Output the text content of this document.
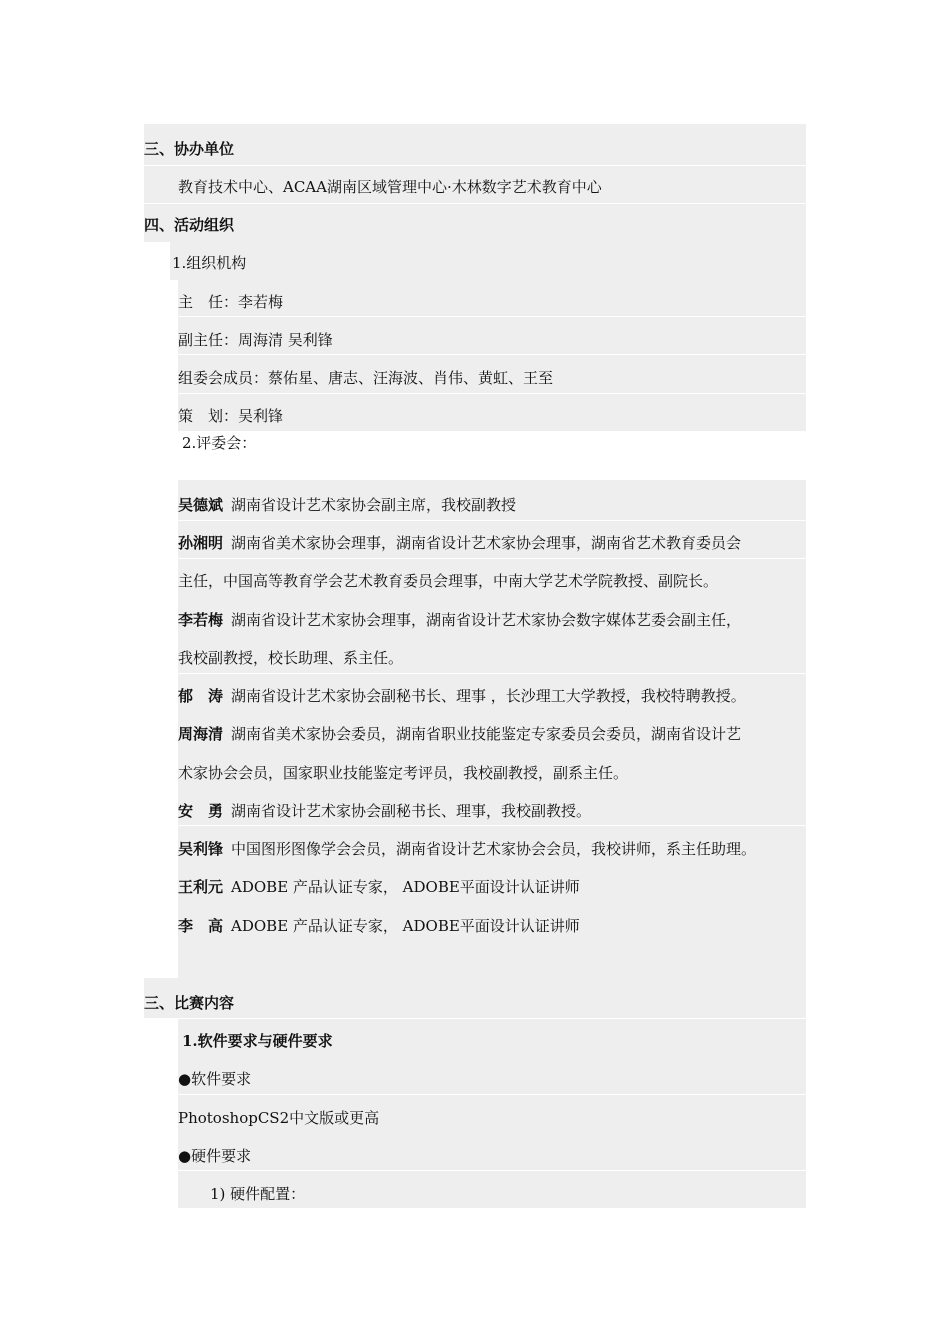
三、协办单位
教育技术中心、ACAA湖南区域管理中心·木林数字艺术教育中心
四、活动组织
1.组织机构
主　任：李若梅
副主任：周海清 吴利锋
组委会成员：蔡佑星、唐志、汪海波、肖伟、黄虹、王至
策　划：吴利锋
2.评委会：
吴德斌 湖南省设计艺术家协会副主席，我校副教授
孙湘明 湖南省美术家协会理事，湖南省设计艺术家协会理事，湖南省艺术教育委员会
主任，中国高等教育学会艺术教育委员会理事，中南大学艺术学院教授、副院长。
李若梅 湖南省设计艺术家协会理事，湖南省设计艺术家协会数字媒体艺委会副主任，
我校副教授，校长助理、系主任。
郁　涛 湖南省设计艺术家协会副秘书长、理事 ，长沙理工大学教授，我校特聘教授。
周海清 湖南省美术家协会委员，湖南省职业技能鉴定专家委员会委员，湖南省设计艺
术家协会会员，国家职业技能鉴定考评员，我校副教授，副系主任。
安　勇 湖南省设计艺术家协会副秘书长、理事，我校副教授。
吴利锋 中国图形图像学会会员，湖南省设计艺术家协会会员，我校讲师，系主任助理。
王利元 ADOBE 产品认证专家， ADOBE平面设计认证讲师
李　高 ADOBE 产品认证专家， ADOBE平面设计认证讲师
三、比赛内容
1.软件要求与硬件要求
●软件要求
PhotoshopCS2中文版或更高
●硬件要求
1) 硬件配置：
